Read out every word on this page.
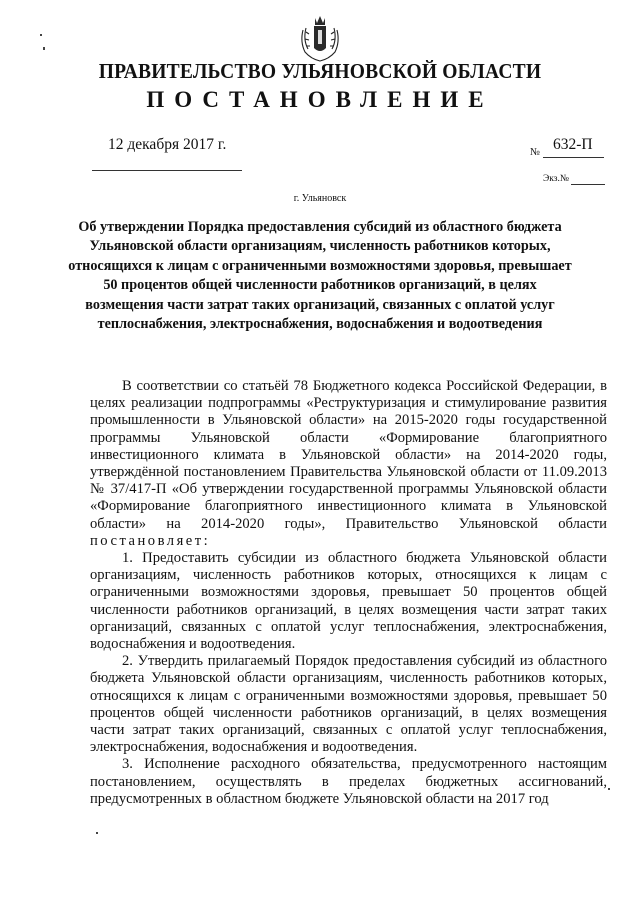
ПРАВИТЕЛЬСТВО УЛЬЯНОВСКОЙ ОБЛАСТИ
ПОСТАНОВЛЕНИЕ
12 декабря 2017 г.	№ 632-П
Экз.№
г. Ульяновск
Об утверждении Порядка предоставления субсидий из областного бюджета Ульяновской области организациям, численность работников которых, относящихся к лицам с ограниченными возможностями здоровья, превышает 50 процентов общей численности работников организаций, в целях возмещения части затрат таких организаций, связанных с оплатой услуг теплоснабжения, электроснабжения, водоснабжения и водоотведения

В соответствии со статьёй 78 Бюджетного кодекса Российской Федерации, в целях реализации подпрограммы «Реструктуризация и стимулирование развития промышленности в Ульяновской области» на 2015-2020 годы государственной программы Ульяновской области «Формирование благоприятного инвестиционного климата в Ульяновской области» на 2014-2020 годы, утверждённой постановлением Правительства Ульяновской области от 11.09.2013 № 37/417-П «Об утверждении государственной программы Ульяновской области «Формирование благоприятного инвестиционного климата в Ульяновской области» на 2014-2020 годы», Правительство Ульяновской области постановляет:

1. Предоставить субсидии из областного бюджета Ульяновской области организациям, численность работников которых, относящихся к лицам с ограниченными возможностями здоровья, превышает 50 процентов общей численности работников организаций, в целях возмещения части затрат таких организаций, связанных с оплатой услуг теплоснабжения, электроснабжения, водоснабжения и водоотведения.

2. Утвердить прилагаемый Порядок предоставления субсидий из областного бюджета Ульяновской области организациям, численность работников которых, относящихся к лицам с ограниченными возможностями здоровья, превышает 50 процентов общей численности работников организаций, в целях возмещения части затрат таких организаций, связанных с оплатой услуг теплоснабжения, электроснабжения, водоснабжения и водоотведения.

3. Исполнение расходного обязательства, предусмотренного настоящим постановлением, осуществлять в пределах бюджетных ассигнований, предусмотренных в областном бюджете Ульяновской области на 2017 год
